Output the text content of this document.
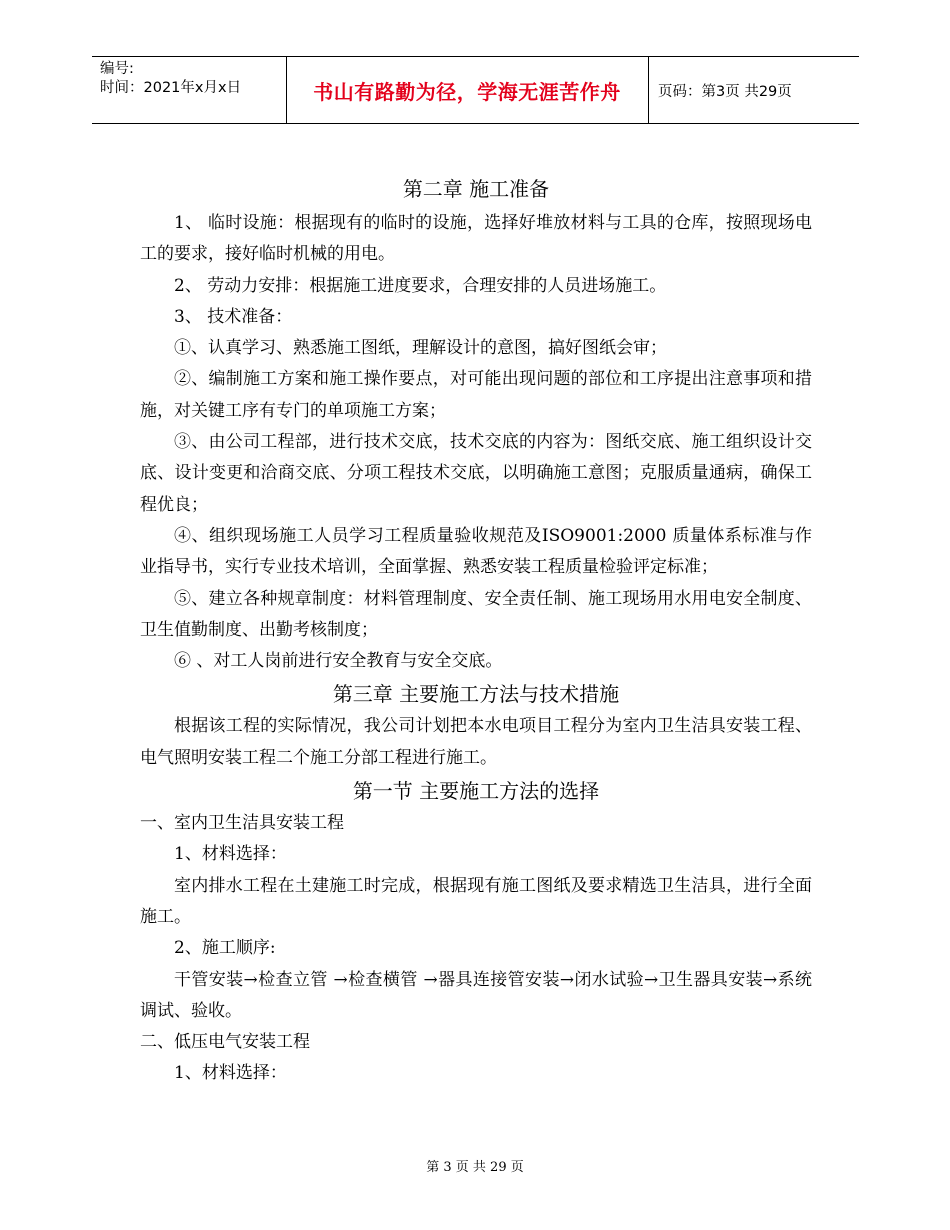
编号:
时间：2021年x月x日	书山有路勤为径，学海无涯苦作舟	页码：第3页 共29页
第二章 施工准备

1、 临时设施：根据现有的临时的设施，选择好堆放材料与工具的仓库，按照现场电工的要求，接好临时机械的用电。

2、 劳动力安排：根据施工进度要求，合理安排的人员进场施工。

3、 技术准备：

①、认真学习、熟悉施工图纸，理解设计的意图，搞好图纸会审；

②、编制施工方案和施工操作要点，对可能出现问题的部位和工序提出注意事项和措施，对关键工序有专门的单项施工方案；

③、由公司工程部，进行技术交底，技术交底的内容为：图纸交底、施工组织设计交底、设计变更和洽商交底、分项工程技术交底，以明确施工意图；克服质量通病，确保工程优良；

④、组织现场施工人员学习工程质量验收规范及ISO9001:2000 质量体系标准与作业指导书，实行专业技术培训，全面掌握、熟悉安装工程质量检验评定标准；

⑤、建立各种规章制度：材料管理制度、安全责任制、施工现场用水用电安全制度、卫生值勤制度、出勤考核制度；

⑥ 、对工人岗前进行安全教育与安全交底。

第三章 主要施工方法与技术措施

根据该工程的实际情况，我公司计划把本水电项目工程分为室内卫生洁具安装工程、电气照明安装工程二个施工分部工程进行施工。

第一节 主要施工方法的选择

一、室内卫生洁具安装工程

1、材料选择：

室内排水工程在土建施工时完成，根据现有施工图纸及要求精选卫生洁具，进行全面施工。

2、施工顺序:

干管安装→检查立管 →检查横管 →器具连接管安装→闭水试验→卫生器具安装→系统调试、验收。

二、低压电气安装工程

1、材料选择：

第 3 页 共 29 页
